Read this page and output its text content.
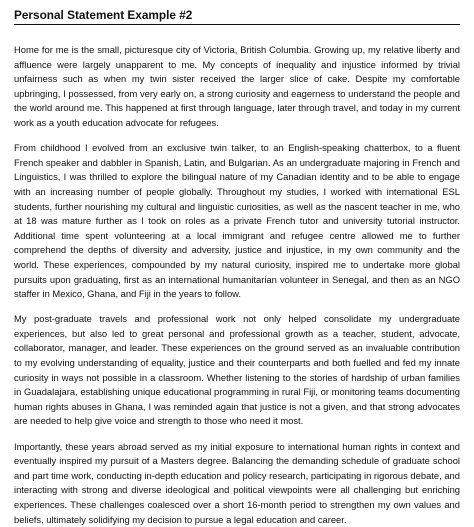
Personal Statement Example #2

Home for me is the small, picturesque city of Victoria, British Columbia. Growing up, my relative liberty and affluence were largely unapparent to me. My concepts of inequality and injustice informed by trivial unfairness such as when my twin sister received the larger slice of cake. Despite my comfortable upbringing, I possessed, from very early on, a strong curiosity and eagerness to understand the people and the world around me. This happened at first through language, later through travel, and today in my current work as a youth education advocate for refugees.

From childhood I evolved from an exclusive twin talker, to an English-speaking chatterbox, to a fluent French speaker and dabbler in Spanish, Latin, and Bulgarian. As an undergraduate majoring in French and Linguistics, I was thrilled to explore the bilingual nature of my Canadian identity and to be able to engage with an increasing number of people globally. Throughout my studies, I worked with international ESL students, further nourishing my cultural and linguistic curiosities, as well as the nascent teacher in me, who at 18 was mature further as I took on roles as a private French tutor and university tutorial instructor. Additional time spent volunteering at a local immigrant and refugee centre allowed me to further comprehend the depths of diversity and adversity, justice and injustice, in my own community and the world. These experiences, compounded by my natural curiosity, inspired me to undertake more global pursuits upon graduating, first as an international humanitarian volunteer in Senegal, and then as an NGO staffer in Mexico, Ghana, and Fiji in the years to follow.

My post-graduate travels and professional work not only helped consolidate my undergraduate experiences, but also led to great personal and professional growth as a teacher, student, advocate, collaborator, manager, and leader. These experiences on the ground served as an invaluable contribution to my evolving understanding of equality, justice and their counterparts and both fuelled and fed my innate curiosity in ways not possible in a classroom. Whether listening to the stories of hardship of urban families in Guadalajara, establishing unique educational programming in rural Fiji, or monitoring teams documenting human rights abuses in Ghana, I was reminded again that justice is not a given, and that strong advocates are needed to help give voice and strength to those who need it most.

Importantly, these years abroad served as my initial exposure to international human rights in context and eventually inspired my pursuit of a Masters degree. Balancing the demanding schedule of graduate school and part time work, conducting in-depth education and policy research, participating in rigorous debate, and interacting with strong and diverse ideological and political viewpoints were all challenging but enriching experiences. These challenges coalesced over a short 16-month period to strengthen my own values and beliefs, ultimately solidifying my decision to pursue a legal education and career.
